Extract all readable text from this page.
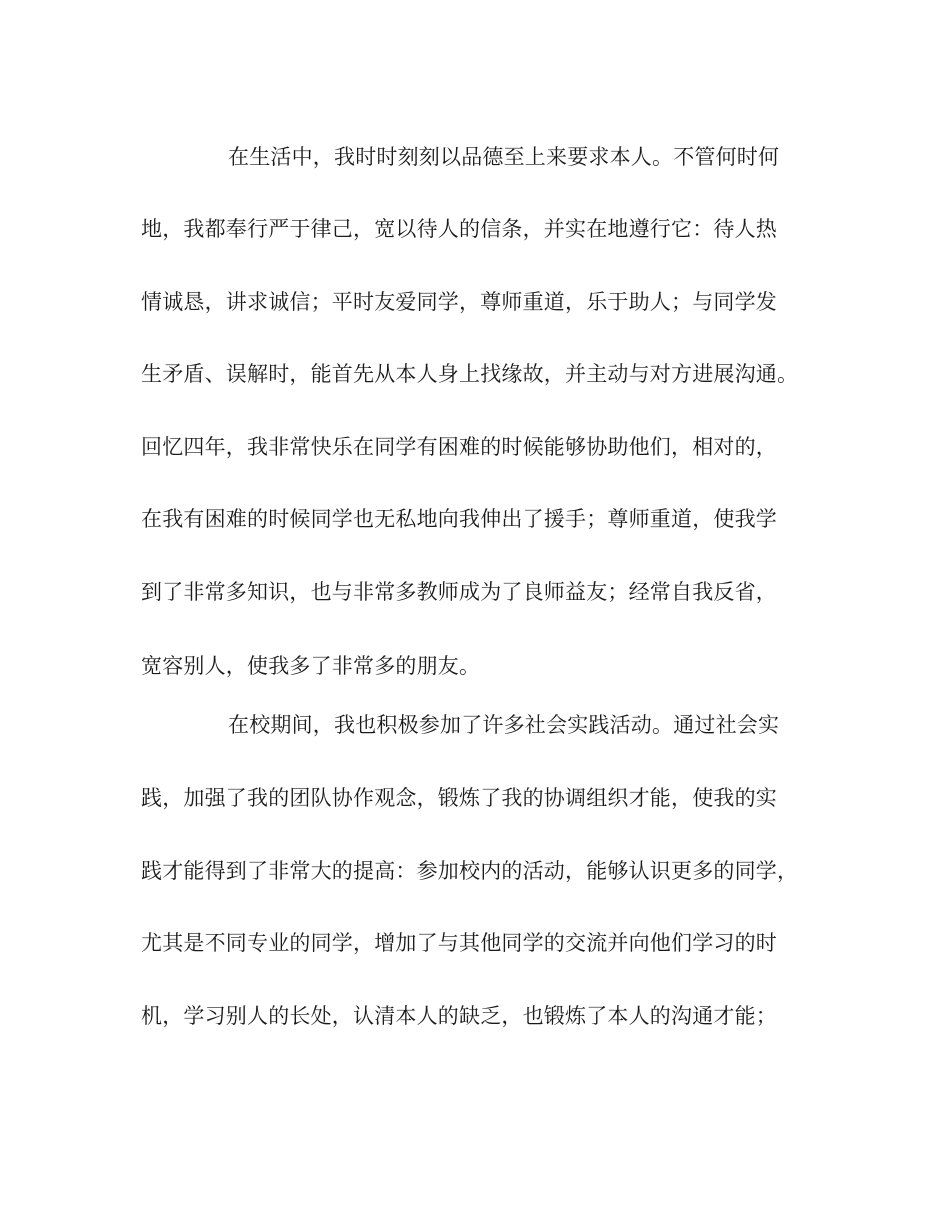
在生活中，我时时刻刻以品德至上来要求本人。不管何时何
地，我都奉行严于律己，宽以待人的信条，并实在地遵行它：待人热
情诚恳，讲求诚信；平时友爱同学，尊师重道，乐于助人；与同学发
生矛盾、误解时，能首先从本人身上找缘故，并主动与对方进展沟通。
回忆四年，我非常快乐在同学有困难的时候能够协助他们，相对的，
在我有困难的时候同学也无私地向我伸出了援手；尊师重道，使我学
到了非常多知识，也与非常多教师成为了良师益友；经常自我反省，
宽容别人，使我多了非常多的朋友。
在校期间，我也积极参加了许多社会实践活动。通过社会实
践，加强了我的团队协作观念，锻炼了我的协调组织才能，使我的实
践才能得到了非常大的提高：参加校内的活动，能够认识更多的同学，
尤其是不同专业的同学，增加了与其他同学的交流并向他们学习的时
机，学习别人的长处，认清本人的缺乏，也锻炼了本人的沟通才能；
